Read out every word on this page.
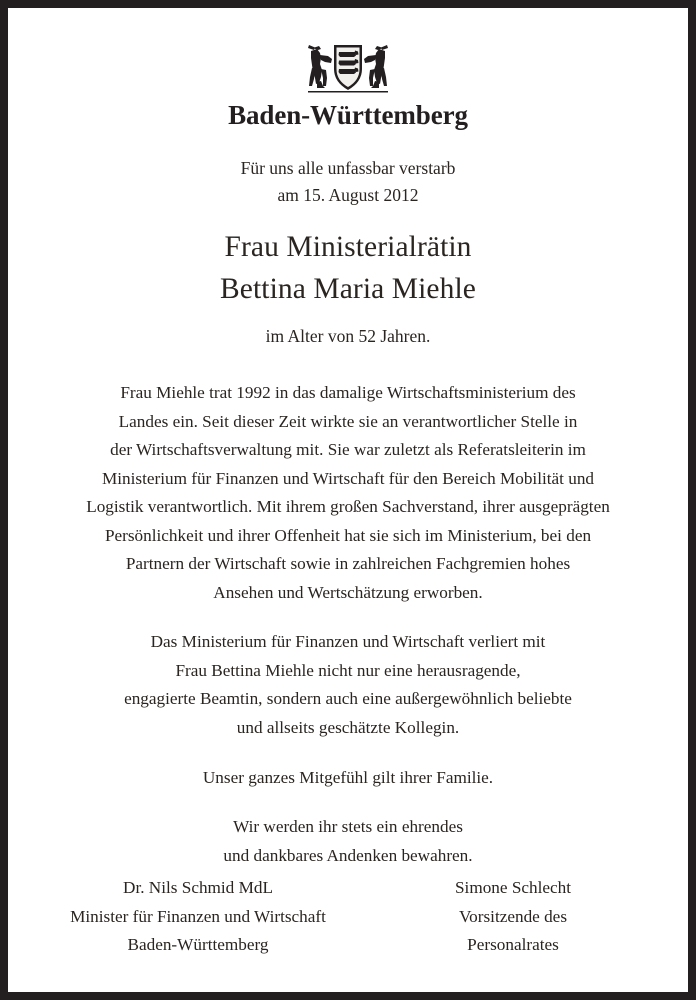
Baden-Württemberg
Für uns alle unfassbar verstarb
am 15. August 2012
Frau Ministerialrätin
Bettina Maria Miehle
im Alter von 52 Jahren.

Frau Miehle trat 1992 in das damalige Wirtschaftsministerium des
Landes ein. Seit dieser Zeit wirkte sie an verantwortlicher Stelle in
der Wirtschaftsverwaltung mit. Sie war zuletzt als Referatsleiterin im
Ministerium für Finanzen und Wirtschaft für den Bereich Mobilität und
Logistik verantwortlich. Mit ihrem großen Sachverstand, ihrer ausgeprägten
Persönlichkeit und ihrer Offenheit hat sie sich im Ministerium, bei den
Partnern der Wirtschaft sowie in zahlreichen Fachgremien hohes
Ansehen und Wertschätzung erworben.

Das Ministerium für Finanzen und Wirtschaft verliert mit
Frau Bettina Miehle nicht nur eine herausragende,
engagierte Beamtin, sondern auch eine außergewöhnlich beliebte
und allseits geschätzte Kollegin.

Unser ganzes Mitgefühl gilt ihrer Familie.

Wir werden ihr stets ein ehrendes
und dankbares Andenken bewahren.

Dr. Nils Schmid MdL
Minister für Finanzen und Wirtschaft
Baden-Württemberg
Simone Schlecht
Vorsitzende des
Personalrates
